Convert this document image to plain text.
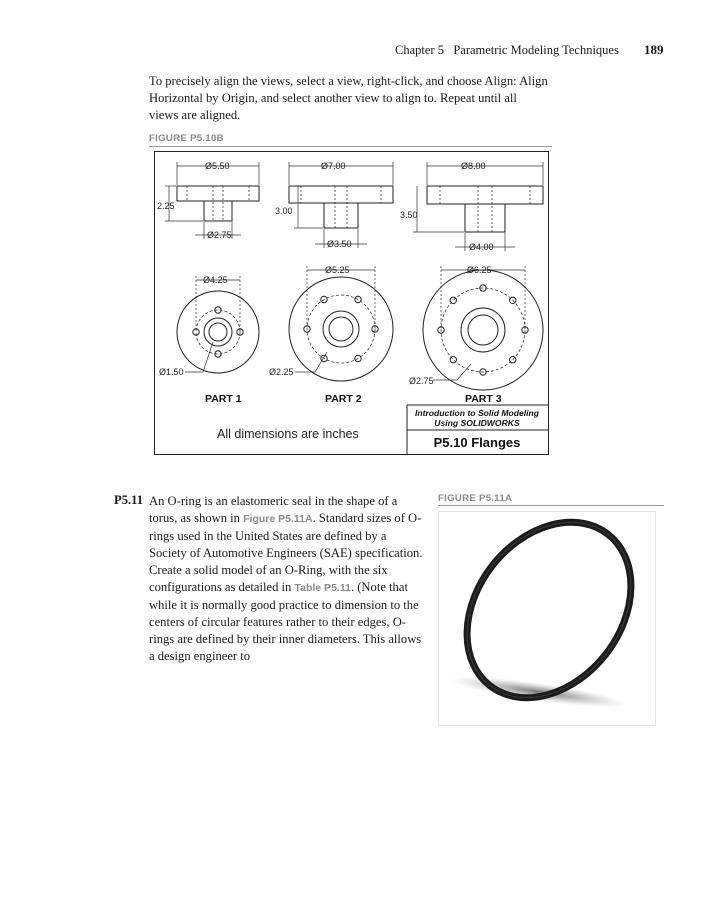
Chapter 5   Parametric Modeling Techniques 189
To precisely align the views, select a view, right-click, and choose Align: Align Horizontal by Origin, and select another view to align to. Repeat until all views are aligned.
FIGURE P5.10B
Ø5.50
2.25
Ø2.75
Ø4.25
Ø1.50
Ø7.00
3.00
Ø3.50
Ø5.25
Ø2.25
Ø8.00
3.50
Ø4.00
Ø6.25
Ø2.75
PART 1	PART 2	PART 3
All dimensions are inches
Introduction to Solid Modeling
Using SOLIDWORKS
P5.10 Flanges
P5.11 An O-ring is an elastomeric seal in the shape of a torus, as shown in Figure P5.11A. Standard sizes of O-rings used in the United States are defined by a Society of Automotive Engineers (SAE) specification. Create a solid model of an O-Ring, with the six configurations as detailed in Table P5.11. (Note that while it is normally good practice to dimension to the centers of circular features rather to their edges, O-rings are defined by their inner diameters. This allows a design engineer to
FIGURE P5.11A
